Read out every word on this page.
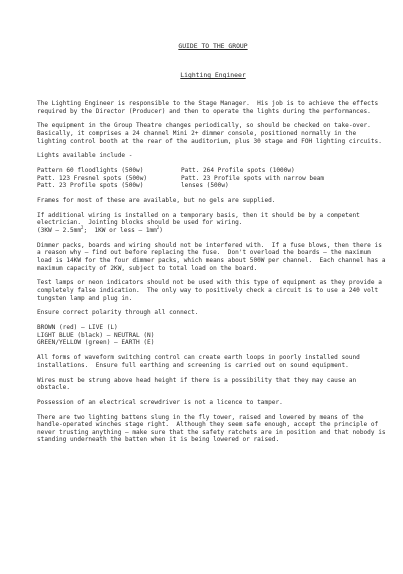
GUIDE TO THE GROUP
Lighting Engineer

The Lighting Engineer is responsible to the Stage Manager.  His job is to achieve the effects required by the Director (Producer) and then to operate the lights during the performances.

The equipment in the Group Theatre changes periodically, so should be checked on take-over.  Basically, it comprises a 24 channel Mini 2+ dimmer console, positioned normally in the lighting control booth at the rear of the auditorium, plus 30 stage and FOH lighting circuits.

Lights available include -

Pattern 60 floodlights (500w)
Patt. 123 Fresnel spots (500w)
Patt. 23 Profile spots (500w)
Patt. 264 Profile spots (1000w)
Patt. 23 Profile spots with narrow beam
lenses (500w)

Frames for most of these are available, but no gels are supplied.

If additional wiring is installed on a temporary basis, then it should be by a competent electrician.  Jointing blocks should be used for wiring.
($3KW - 2.5mm^2$;  1KW or less – $1mm^2$)

Dimmer packs, boards and wiring should not be interfered with.  If a fuse blows, then there is a reason why – find out before replacing the fuse.  Don't overload the boards – the maximum load is 14KW for the four dimmer packs, which means about 500W per channel.  Each channel has a maximum capacity of 2KW, subject to total load on the board.

Test lamps or neon indicators should not be used with this type of equipment as they provide a completely false indication.  The only way to positively check a circuit is to use a 240 volt tungsten lamp and plug in.

Ensure correct polarity through all connect.

BROWN (red) – LIVE (L)
LIGHT BLUE (black) – NEUTRAL (N)
GREEN/YELLOW (green) – EARTH (E)

All forms of waveform switching control can create earth loops in poorly installed sound installations.  Ensure full earthing and screening is carried out on sound equipment.

Wires must be strung above head height if there is a possibility that they may cause an obstacle.

Possession of an electrical screwdriver is not a licence to tamper.

There are two lighting battens slung in the fly tower, raised and lowered by means of the handle-operated winches stage right.  Although they seem safe enough, accept the principle of never trusting anything – make sure that the safety ratchets are in position and that nobody is standing underneath the batten when it is being lowered or raised.
